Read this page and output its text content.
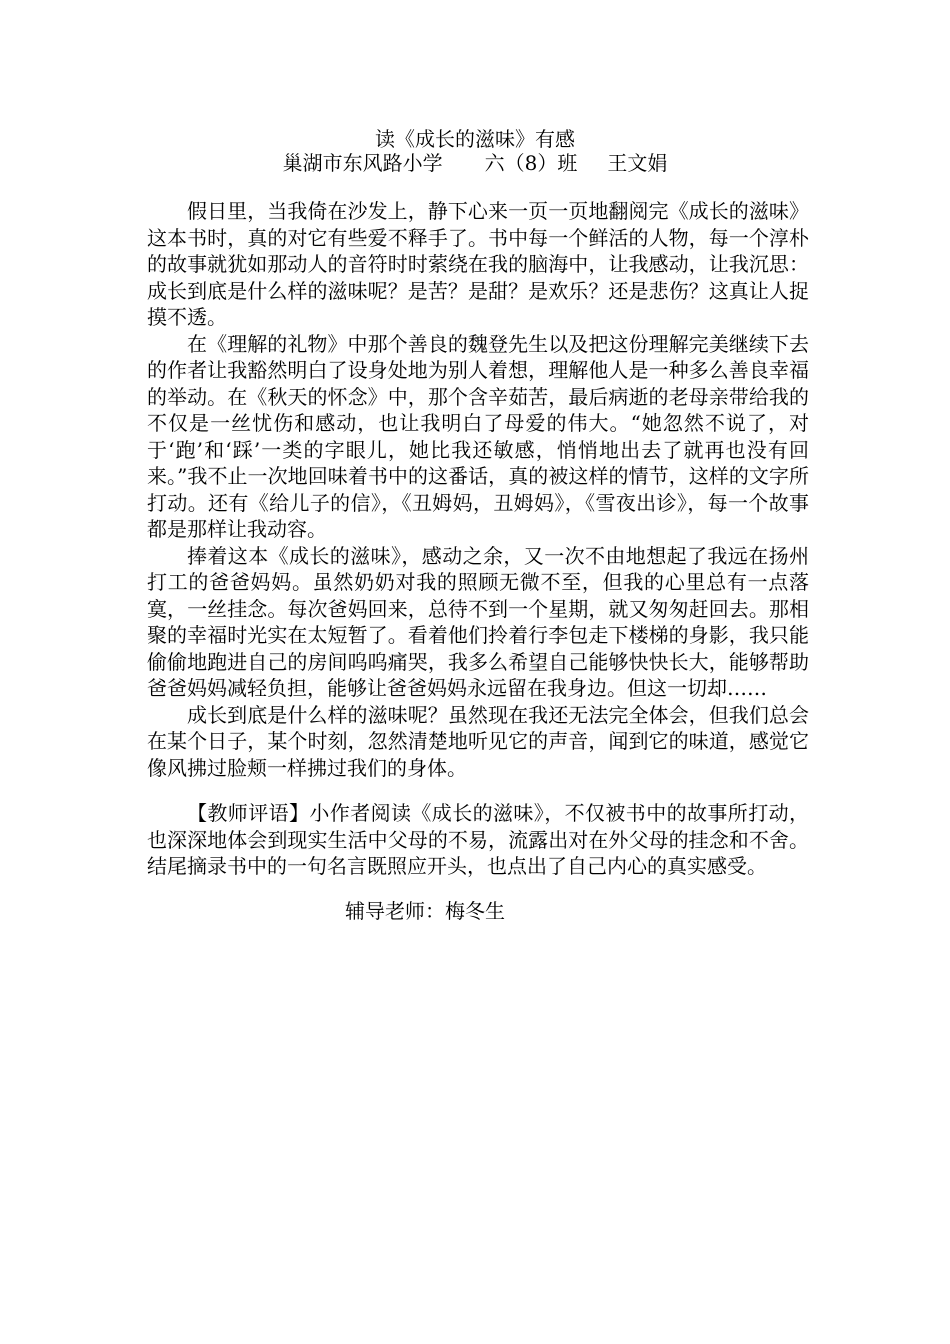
读《成长的滋味》有感
巢湖市东风路小学 六（8）班 王文娟

假日里，当我倚在沙发上，静下心来一页一页地翻阅完《成长的滋味》这本书时，真的对它有些爱不释手了。书中每一个鲜活的人物，每一个淳朴的故事就犹如那动人的音符时时萦绕在我的脑海中，让我感动，让我沉思：成长到底是什么样的滋味呢？是苦？是甜？是欢乐？还是悲伤？这真让人捉摸不透。

在《理解的礼物》中那个善良的魏登先生以及把这份理解完美继续下去的作者让我豁然明白了设身处地为别人着想，理解他人是一种多么善良幸福的举动。在《秋天的怀念》中，那个含辛茹苦，最后病逝的老母亲带给我的不仅是一丝忧伤和感动，也让我明白了母爱的伟大。“她忽然不说了，对于‘跑’和‘踩’一类的字眼儿，她比我还敏感，悄悄地出去了就再也没有回来。”我不止一次地回味着书中的这番话，真的被这样的情节，这样的文字所打动。还有《给儿子的信》，《丑姆妈，丑姆妈》，《雪夜出诊》，每一个故事都是那样让我动容。

捧着这本《成长的滋味》，感动之余，又一次不由地想起了我远在扬州打工的爸爸妈妈。虽然奶奶对我的照顾无微不至，但我的心里总有一点落寞，一丝挂念。每次爸妈回来，总待不到一个星期，就又匆匆赶回去。那相聚的幸福时光实在太短暂了。看着他们拎着行李包走下楼梯的身影，我只能偷偷地跑进自己的房间呜呜痛哭，我多么希望自己能够快快长大，能够帮助爸爸妈妈减轻负担，能够让爸爸妈妈永远留在我身边。但这一切却……

成长到底是什么样的滋味呢？虽然现在我还无法完全体会，但我们总会在某个日子，某个时刻，忽然清楚地听见它的声音，闻到它的味道，感觉它像风拂过脸颊一样拂过我们的身体。

【教师评语】小作者阅读《成长的滋味》，不仅被书中的故事所打动，也深深地体会到现实生活中父母的不易，流露出对在外父母的挂念和不舍。结尾摘录书中的一句名言既照应开头，也点出了自己内心的真实感受。

辅导老师：梅冬生
